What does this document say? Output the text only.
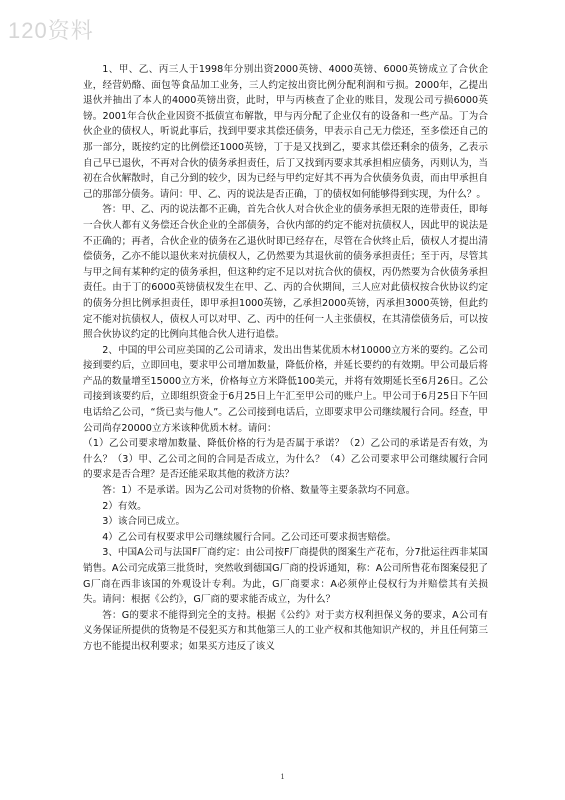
120资料

1、甲、乙、丙三人于1998年分别出资2000英镑、4000英镑、6000英镑成立了合伙企业，经营奶酪、面包等食品加工业务，三人约定按出资比例分配利润和亏损。2000年，乙提出退伙并抽出了本人的4000英镑出资，此时，甲与丙核查了企业的账目，发现公司亏损6000英镑。2001年合伙企业因资不抵债宣布解散，甲与丙分配了企业仅有的设备和一些产品。丁为合伙企业的债权人，听说此事后，找到甲要求其偿还债务，甲表示自己无力偿还，至多偿还自己的那一部分，既按约定的比例偿还1000英镑，丁于是又找到乙，要求其偿还剩余的债务，乙表示自己早已退伙，不再对合伙的债务承担责任，后丁又找到丙要求其承担相应债务，丙则认为，当初在合伙解散时，自己分到的较少，因为已经与甲约定好其不再为合伙债务负责，而由甲承担自己的那部分债务。请问：甲、乙、丙的说法是否正确，丁的债权如何能够得到实现，为什么？。

答：甲、乙、丙的说法都不正确，首先合伙人对合伙企业的债务承担无限的连带责任，即每一合伙人都有义务偿还合伙企业的全部债务，合伙内部的约定不能对抗债权人，因此甲的说法是不正确的；再者，合伙企业的债务在乙退伙时即已经存在，尽管在合伙终止后，债权人才提出清偿债务，乙亦不能以退伙来对抗债权人，乙仍然要为其退伙前的债务承担责任；至于丙，尽管其与甲之间有某种约定的债务承担，但这种约定不足以对抗合伙的债权，丙仍然要为合伙债务承担责任。由于丁的6000英镑债权发生在甲、乙、丙的合伙期间，三人应对此债权按合伙协议约定的债务分担比例承担责任，即甲承担1000英镑，乙承担2000英镑，丙承担3000英镑，但此约定不能对抗债权人，债权人可以对甲、乙、丙中的任何一人主张债权，在其清偿债务后，可以按照合伙协议约定的比例向其他合伙人进行追偿。

2、中国的甲公司应美国的乙公司请求，发出出售某优质木材10000立方米的要约。乙公司接到要约后，立即回电，要求甲公司增加数量，降低价格，并延长要约的有效期。甲公司最后将产品的数量增至15000立方米，价格每立方米降低100美元，并将有效期延长至6月26日。乙公司接到该要约后，立即组织资金于6月25日上午汇至甲公司的账户上。甲公司于6月25日下午回电话给乙公司，“货已卖与他人”。乙公司接到电话后，立即要求甲公司继续履行合同。经查，甲公司尚存20000立方米该种优质木材。请问：

（1）乙公司要求增加数量、降低价格的行为是否属于承诺？（2）乙公司的承诺是否有效，为什么？（3）甲、乙公司之间的合同是否成立，为什么？（4）乙公司要求甲公司继续履行合同的要求是否合理？是否还能采取其他的救济方法？

答：1）不是承诺。因为乙公司对货物的价格、数量等主要条款均不同意。

2）有效。

3）该合同已成立。

4）乙公司有权要求甲公司继续履行合同。乙公司还可要求损害赔偿。

3、中国A公司与法国F厂商约定：由公司按F厂商提供的图案生产花布，分7批运往西非某国销售。A公司完成第三批货时，突然收到德国G厂商的投诉通知，称：A公司所售花布图案侵犯了G厂商在西非该国的外观设计专利。为此，G厂商要求：A必须停止侵权行为并赔偿其有关损失。请问：根据《公约》，G厂商的要求能否成立，为什么？

答：G的要求不能得到完全的支持。根据《公约》对于卖方权利担保义务的要求，A公司有义务保证所提供的货物是不侵犯买方和其他第三人的工业产权和其他知识产权的，并且任何第三方也不能提出权利要求；如果买方违反了该义

1
